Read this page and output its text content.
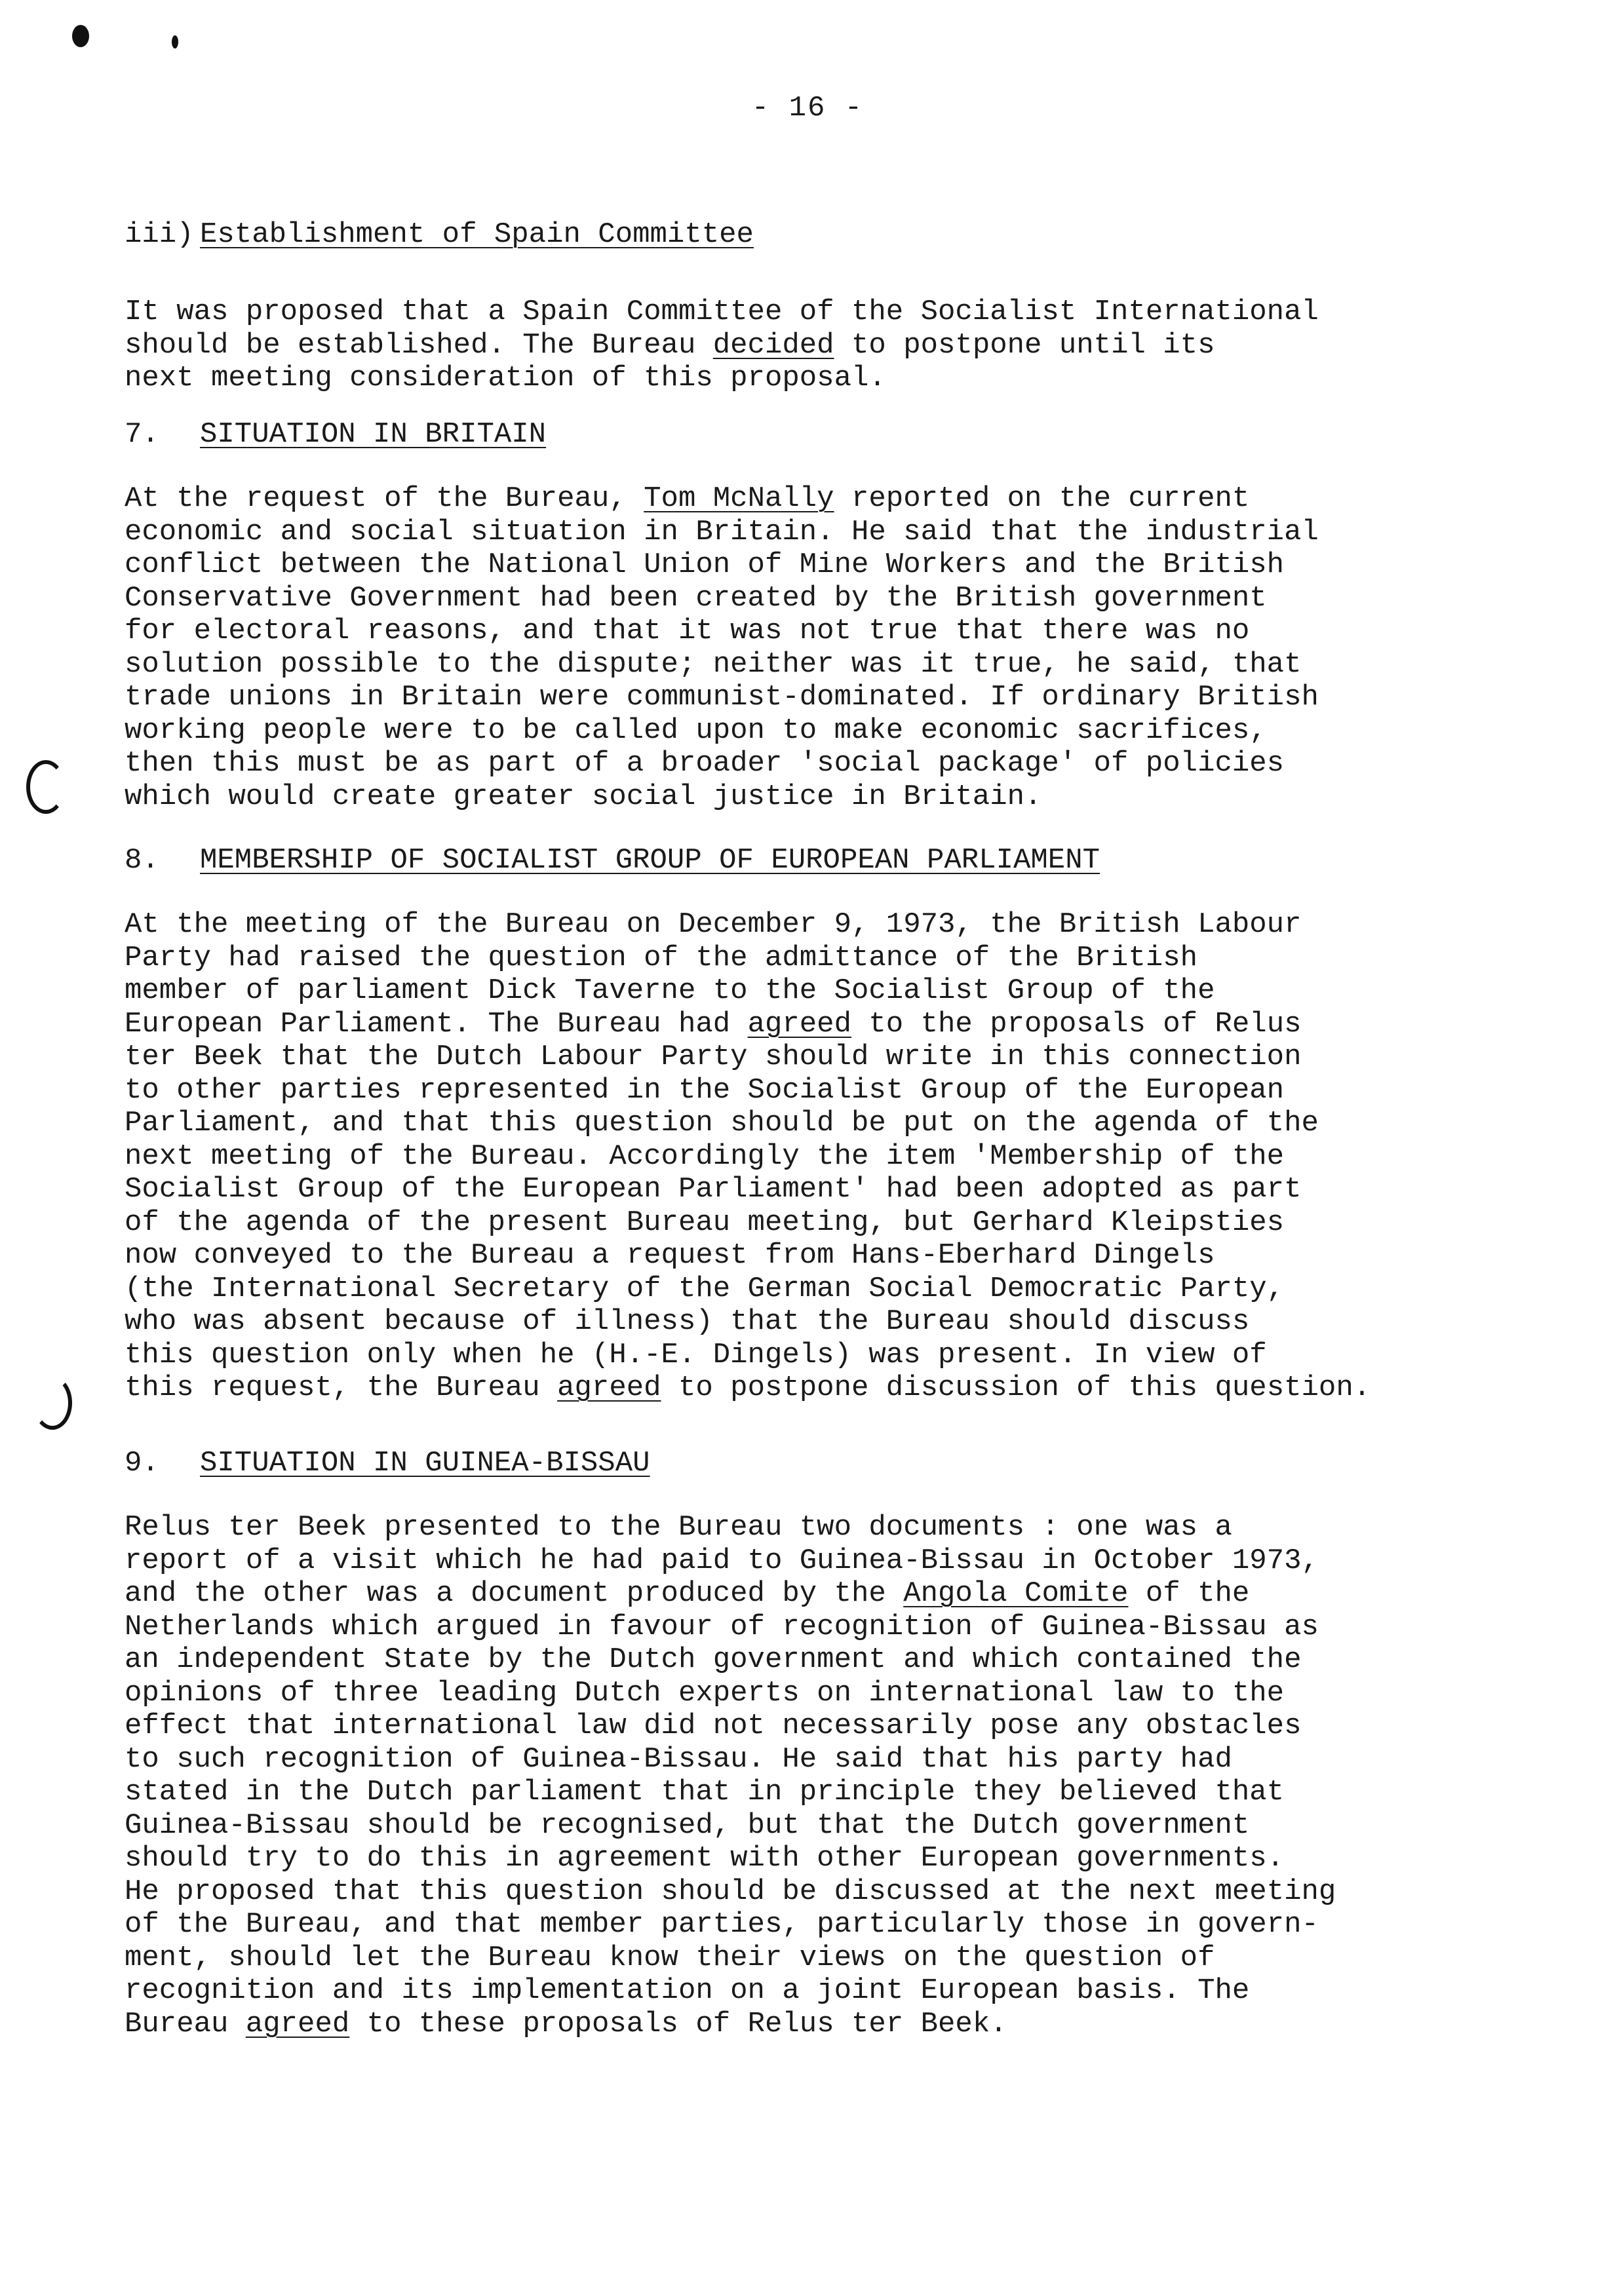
- 16 -

iii) Establishment of Spain Committee

It was proposed that a Spain Committee of the Socialist International
should be established. The Bureau decided to postpone until its
next meeting consideration of this proposal.

7. SITUATION IN BRITAIN

At the request of the Bureau, Tom McNally reported on the current
economic and social situation in Britain. He said that the industrial
conflict between the National Union of Mine Workers and the British
Conservative Government had been created by the British government
for electoral reasons, and that it was not true that there was no
solution possible to the dispute; neither was it true, he said, that
trade unions in Britain were communist-dominated. If ordinary British
working people were to be called upon to make economic sacrifices,
then this must be as part of a broader 'social package' of policies
which would create greater social justice in Britain.

8. MEMBERSHIP OF SOCIALIST GROUP OF EUROPEAN PARLIAMENT

At the meeting of the Bureau on December 9, 1973, the British Labour
Party had raised the question of the admittance of the British
member of parliament Dick Taverne to the Socialist Group of the
European Parliament. The Bureau had agreed to the proposals of Relus
ter Beek that the Dutch Labour Party should write in this connection
to other parties represented in the Socialist Group of the European
Parliament, and that this question should be put on the agenda of the
next meeting of the Bureau. Accordingly the item 'Membership of the
Socialist Group of the European Parliament' had been adopted as part
of the agenda of the present Bureau meeting, but Gerhard Kleipsties
now conveyed to the Bureau a request from Hans-Eberhard Dingels
(the International Secretary of the German Social Democratic Party,
who was absent because of illness) that the Bureau should discuss
this question only when he (H.-E. Dingels) was present. In view of
this request, the Bureau agreed to postpone discussion of this question.

9. SITUATION IN GUINEA-BISSAU

Relus ter Beek presented to the Bureau two documents : one was a
report of a visit which he had paid to Guinea-Bissau in October 1973,
and the other was a document produced by the Angola Comite of the
Netherlands which argued in favour of recognition of Guinea-Bissau as
an independent State by the Dutch government and which contained the
opinions of three leading Dutch experts on international law to the
effect that international law did not necessarily pose any obstacles
to such recognition of Guinea-Bissau. He said that his party had
stated in the Dutch parliament that in principle they believed that
Guinea-Bissau should be recognised, but that the Dutch government
should try to do this in agreement with other European governments.
He proposed that this question should be discussed at the next meeting
of the Bureau, and that member parties, particularly those in govern-
ment, should let the Bureau know their views on the question of
recognition and its implementation on a joint European basis. The
Bureau agreed to these proposals of Relus ter Beek.
